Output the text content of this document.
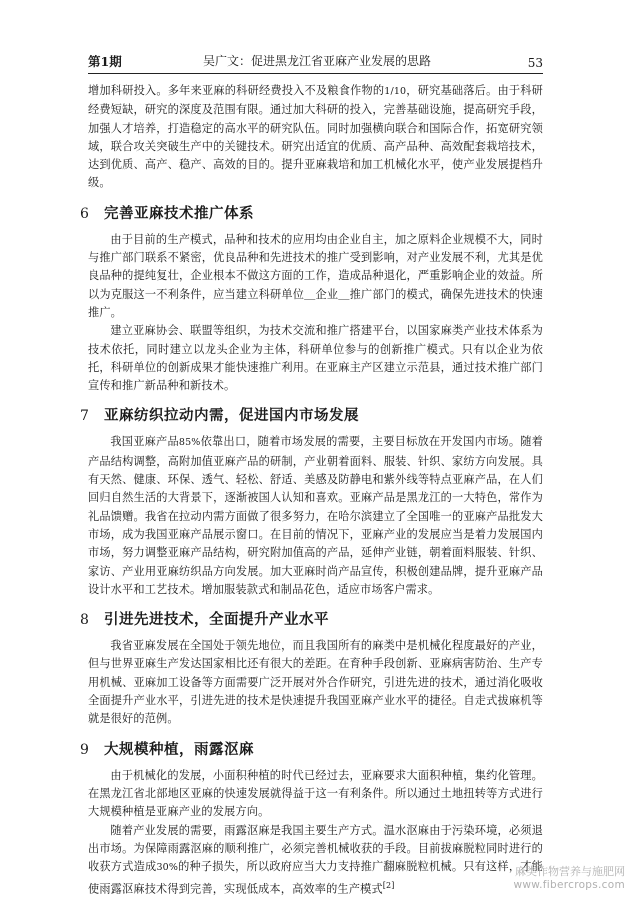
第1期	吴广文：促进黑龙江省亚麻产业发展的思路	53

增加科研投入。多年来亚麻的科研经费投入不及粮食作物的1/10，研究基础落后。由于科研经费短缺，研究的深度及范围有限。通过加大科研的投入，完善基础设施，提高研究手段，加强人才培养，打造稳定的高水平的研究队伍。同时加强横向联合和国际合作，拓宽研究领域，联合攻关突破生产中的关键技术。研究出适宜的优质、高产品种、高效配套栽培技术，达到优质、高产、稳产、高效的目的。提升亚麻栽培和加工机械化水平，使产业发展提档升级。

6	完善亚麻技术推广体系

由于目前的生产模式，品种和技术的应用均由企业自主，加之原料企业规模不大，同时与推广部门联系不紧密，优良品种和先进技术的推广受到影响，对产业发展不利，尤其是优良品种的提纯复壮，企业根本不做这方面的工作，造成品种退化，严重影响企业的效益。所以为克服这一不利条件，应当建立科研单位＿企业＿推广部门的模式，确保先进技术的快速推广。

建立亚麻协会、联盟等组织，为技术交流和推广搭建平台，以国家麻类产业技术体系为技术依托，同时建立以龙头企业为主体，科研单位参与的创新推广模式。只有以企业为依托，科研单位的创新成果才能快速推广利用。在亚麻主产区建立示范县，通过技术推广部门宣传和推广新品种和新技术。

7	亚麻纺织拉动内需，促进国内市场发展

我国亚麻产品85%依靠出口，随着市场发展的需要，主要目标放在开发国内市场。随着产品结构调整，高附加值亚麻产品的研制，产业朝着面料、服装、针织、家纺方向发展。具有天然、健康、环保、透气、轻松、舒适、美感及防静电和紫外线等特点亚麻产品，在人们回归自然生活的大背景下，逐渐被国人认知和喜欢。亚麻产品是黑龙江的一大特色，常作为礼品馈赠。我省在拉动内需方面做了很多努力，在哈尔滨建立了全国唯一的亚麻产品批发大市场，成为我国亚麻产品展示窗口。在目前的情况下，亚麻产业的发展应当是着力发展国内市场，努力调整亚麻产品结构，研究附加值高的产品，延伸产业链，朝着面料服装、针织、家访、产业用亚麻纺织品方向发展。加大亚麻时尚产品宣传，积极创建品牌，提升亚麻产品设计水平和工艺技术。增加服装款式和制品花色，适应市场客户需求。

8	引进先进技术，全面提升产业水平

我省亚麻发展在全国处于领先地位，而且我国所有的麻类中是机械化程度最好的产业，但与世界亚麻生产发达国家相比还有很大的差距。在育种手段创新、亚麻病害防治、生产专用机械、亚麻加工设备等方面需要广泛开展对外合作研究，引进先进的技术，通过消化吸收全面提升产业水平，引进先进的技术是快速提升我国亚麻产业水平的捷径。自走式拔麻机等就是很好的范例。

9	大规模种植，雨露沤麻

由于机械化的发展，小面积种植的时代已经过去，亚麻要求大面积种植，集约化管理。在黑龙江省北部地区亚麻的快速发展就得益于这一有利条件。所以通过土地扭转等方式进行大规模种植是亚麻产业的发展方向。

随着产业发展的需要，雨露沤麻是我国主要生产方式。温水沤麻由于污染环境，必须退出市场。为保障雨露沤麻的顺利推广，必须完善机械收获的手段。目前拔麻脱粒同时进行的收获方式造成30%的种子损失，所以政府应当大力支持推广翻麻脱粒机械。只有这样，才能使雨露沤麻技术得到完善，实现低成本，高效率的生产模式[2]

麻类作物营养与施肥网
www.fibercrops.com
